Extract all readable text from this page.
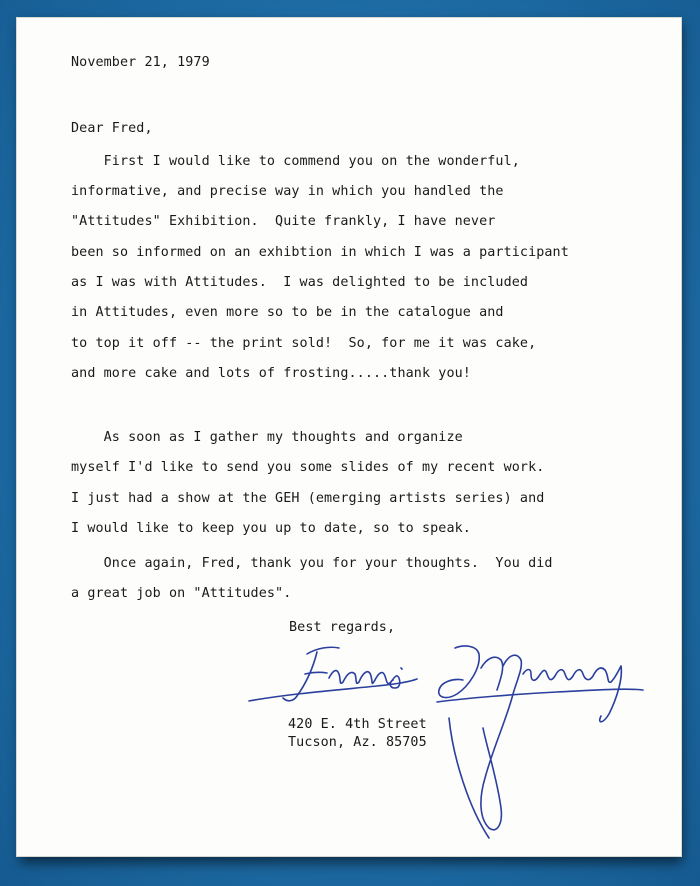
November 21, 1979
Dear Fred,
First I would like to commend you on the wonderful,
informative, and precise way in which you handled the
"Attitudes" Exhibition.  Quite frankly, I have never
been so informed on an exhibtion in which I was a participant
as I was with Attitudes.  I was delighted to be included
in Attitudes, even more so to be in the catalogue and
to top it off -- the print sold!  So, for me it was cake,
and more cake and lots of frosting.....thank you!
As soon as I gather my thoughts and organize
myself I'd like to send you some slides of my recent work.
I just had a show at the GEH (emerging artists series) and
I would like to keep you up to date, so to speak.
Once again, Fred, thank you for your thoughts.  You did
a great job on "Attitudes".
Best regards,
420 E. 4th Street
Tucson, Az. 85705
